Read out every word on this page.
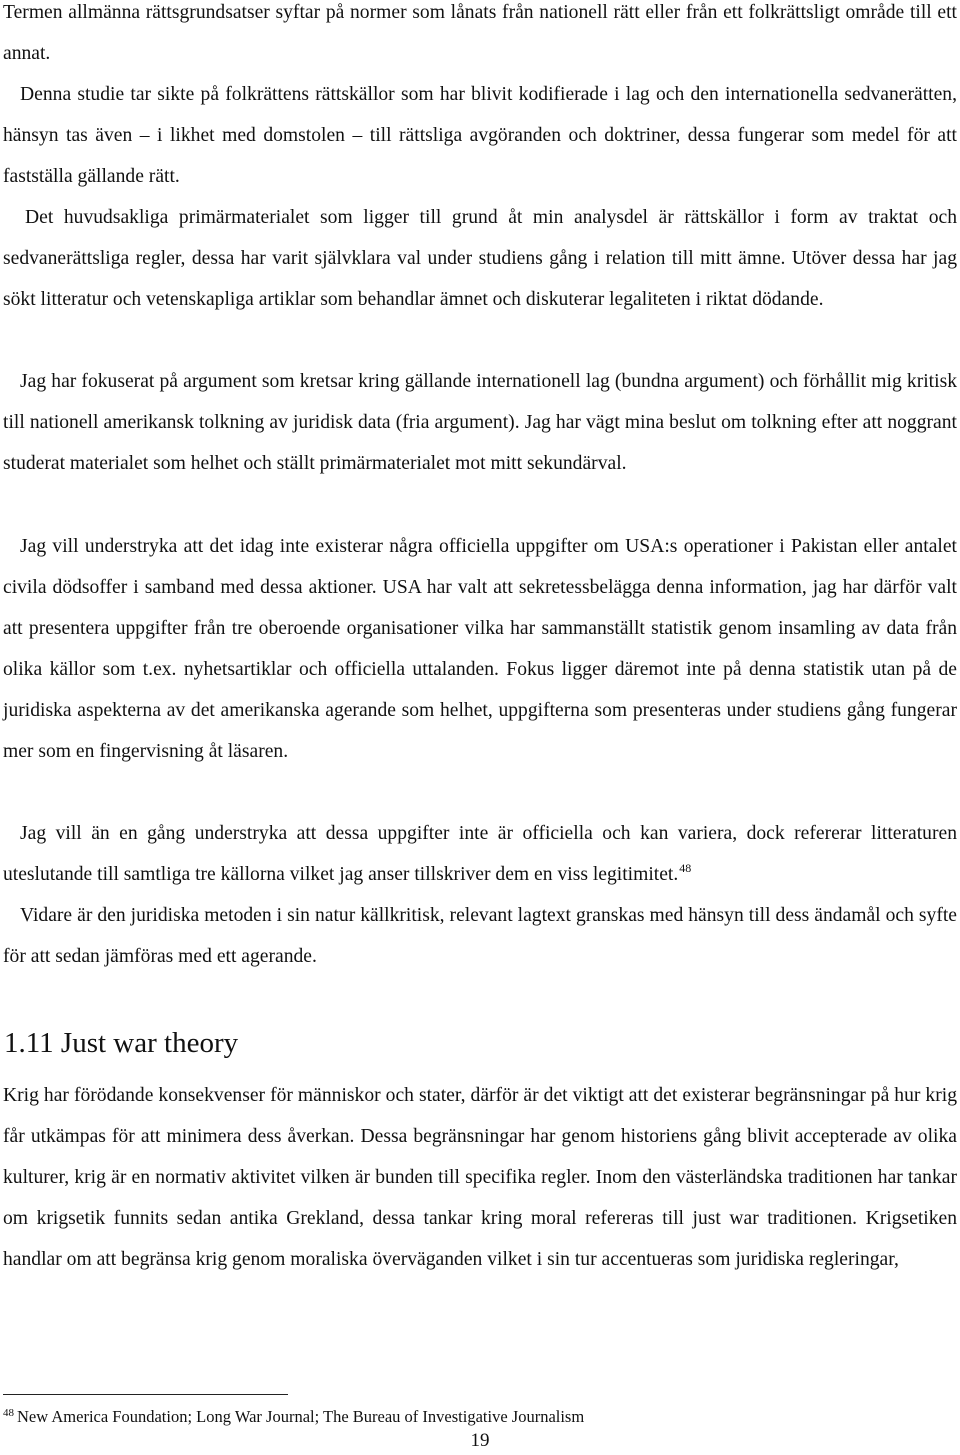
Termen allmänna rättsgrundsatser syftar på normer som lånats från nationell rätt eller från ett folkrättsligt område till ett annat.

Denna studie tar sikte på folkrättens rättskällor som har blivit kodifierade i lag och den internationella sedvanerätten, hänsyn tas även – i likhet med domstolen – till rättsliga avgöranden och doktriner, dessa fungerar som medel för att fastställa gällande rätt.

Det huvudsakliga primärmaterialet som ligger till grund åt min analysdel är rättskällor i form av traktat och sedvanerättsliga regler, dessa har varit självklara val under studiens gång i relation till mitt ämne. Utöver dessa har jag sökt litteratur och vetenskapliga artiklar som behandlar ämnet och diskuterar legaliteten i riktat dödande.

Jag har fokuserat på argument som kretsar kring gällande internationell lag (bundna argument) och förhållit mig kritisk till nationell amerikansk tolkning av juridisk data (fria argument). Jag har vägt mina beslut om tolkning efter att noggrant studerat materialet som helhet och ställt primärmaterialet mot mitt sekundärval.

Jag vill understryka att det idag inte existerar några officiella uppgifter om USA:s operationer i Pakistan eller antalet civila dödsoffer i samband med dessa aktioner. USA har valt att sekretessbelägga denna information, jag har därför valt att presentera uppgifter från tre oberoende organisationer vilka har sammanställt statistik genom insamling av data från olika källor som t.ex. nyhetsartiklar och officiella uttalanden. Fokus ligger däremot inte på denna statistik utan på de juridiska aspekterna av det amerikanska agerande som helhet, uppgifterna som presenteras under studiens gång fungerar mer som en fingervisning åt läsaren.

Jag vill än en gång understryka att dessa uppgifter inte är officiella och kan variera, dock refererar litteraturen uteslutande till samtliga tre källorna vilket jag anser tillskriver dem en viss legitimitet.$^{48}$

Vidare är den juridiska metoden i sin natur källkritisk, relevant lagtext granskas med hänsyn till dess ändamål och syfte för att sedan jämföras med ett agerande.

1.11 Just war theory

Krig har förödande konsekvenser för människor och stater, därför är det viktigt att det existerar begränsningar på hur krig får utkämpas för att minimera dess åverkan. Dessa begränsningar har genom historiens gång blivit accepterade av olika kulturer, krig är en normativ aktivitet vilken är bunden till specifika regler. Inom den västerländska traditionen har tankar om krigsetik funnits sedan antika Grekland, dessa tankar kring moral refereras till just war traditionen. Krigsetiken handlar om att begränsa krig genom moraliska överväganden vilket i sin tur accentueras som juridiska regleringar,

$^{48}$ New America Foundation; Long War Journal; The Bureau of Investigative Journalism

19
